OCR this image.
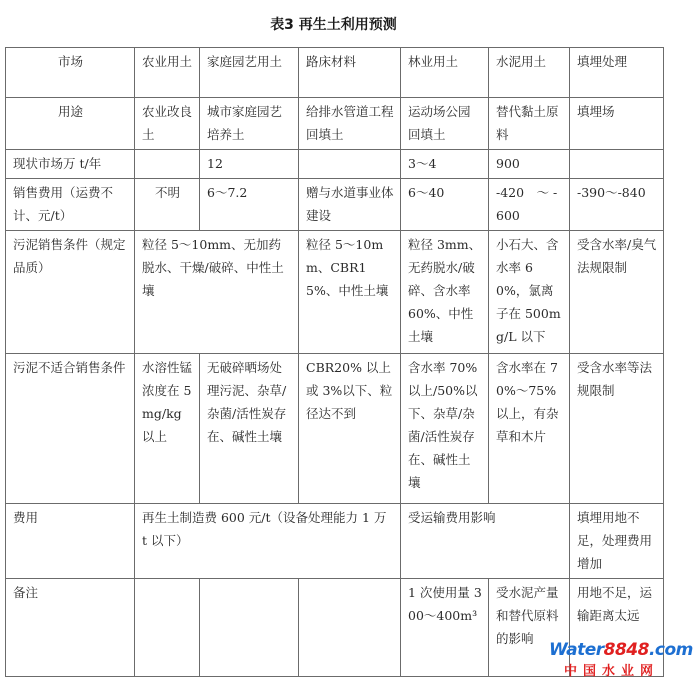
表3 再生土利用预测
市场	农业用土	家庭园艺用土	路床材料	林业用土	水泥用土	填埋处理
用途	农业改良土	城市家庭园艺培养土	给排水管道工程回填土	运动场公园回填土	替代黏土原料	填埋场
现状市场万 t/年		12		3～4	900	
销售费用（运费不计、元/t）	不明	6～7.2	赠与水道事业体建设	6～40	-420　～ -600	-390～-840
污泥销售条件（规定品质）	粒径 5～10mm、无加药脱水、干燥/破碎、中性土壤		粒径 5～10mm、CBR15%、中性土壤	粒径 3mm、无药脱水/破碎、含水率 60%、中性土壤	小石大、含水率 60%，氯离子在 500mg/L 以下	受含水率/臭气法规限制
污泥不适合销售条件	水溶性锰浓度在 5mg/kg 以上	无破碎晒场处理污泥、杂草/杂菌/活性炭存在、碱性土壤	CBR20% 以上或 3%以下、粒径达不到	含水率 70%以上/50%以下、杂草/杂菌/活性炭存在、碱性土壤	含水率在 70%～75%以上，有杂草和木片	受含水率等法规限制
费用	再生土制造费 600 元/t（设备处理能力 1 万 t 以下）			受运输费用影响		填埋用地不足，处理费用增加
备注				1 次使用量 300～400m³	受水泥产量和替代原料的影响	用地不足，运输距离太远
Water8848.com
中国水业网
